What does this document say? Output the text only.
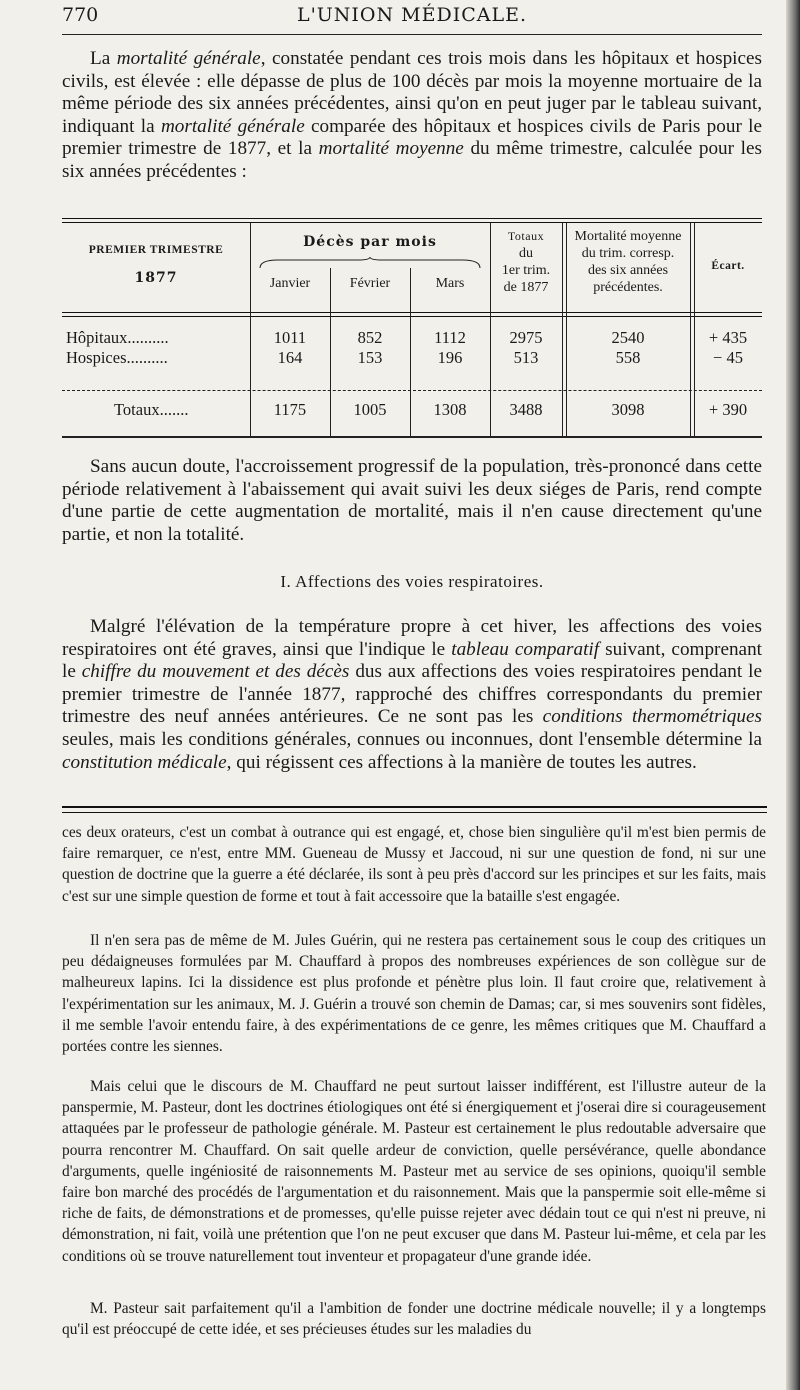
770	L'UNION MÉDICALE.

La mortalité générale, constatée pendant ces trois mois dans les hôpitaux et hospices civils, est élevée : elle dépasse de plus de 100 décès par mois la moyenne mortuaire de la même période des six années précédentes, ainsi qu'on en peut juger par le tableau suivant, indiquant la mortalité générale comparée des hôpitaux et hospices civils de Paris pour le premier trimestre de 1877, et la mortalité moyenne du même trimestre, calculée pour les six années précédentes :

PREMIER TRIMESTRE
1877
Décès par mois
Janvier	Février	Mars
Totaux
du
1er trim.
de 1877
Mortalité moyenne
du trim. corresp.
des six années
précédentes.
Écart.
Hôpitaux..........	1011	852	1112	2975	2540	+ 435
Hospices..........	164	153	196	513	558	− 45
Totaux.......	1175	1005	1308	3488	3098	+ 390

Sans aucun doute, l'accroissement progressif de la population, très-prononcé dans cette période relativement à l'abaissement qui avait suivi les deux siéges de Paris, rend compte d'une partie de cette augmentation de mortalité, mais il n'en cause directement qu'une partie, et non la totalité.

I. Affections des voies respiratoires.

Malgré l'élévation de la température propre à cet hiver, les affections des voies respiratoires ont été graves, ainsi que l'indique le tableau comparatif suivant, comprenant le chiffre du mouvement et des décès dus aux affections des voies respiratoires pendant le premier trimestre de l'année 1877, rapproché des chiffres correspondants du premier trimestre des neuf années antérieures. Ce ne sont pas les conditions thermométriques seules, mais les conditions générales, connues ou inconnues, dont l'ensemble détermine la constitution médicale, qui régissent ces affections à la manière de toutes les autres.

ces deux orateurs, c'est un combat à outrance qui est engagé, et, chose bien singulière qu'il m'est bien permis de faire remarquer, ce n'est, entre MM. Gueneau de Mussy et Jaccoud, ni sur une question de fond, ni sur une question de doctrine que la guerre a été déclarée, ils sont à peu près d'accord sur les principes et sur les faits, mais c'est sur une simple question de forme et tout à fait accessoire que la bataille s'est engagée.

Il n'en sera pas de même de M. Jules Guérin, qui ne restera pas certainement sous le coup des critiques un peu dédaigneuses formulées par M. Chauffard à propos des nombreuses expériences de son collègue sur de malheureux lapins. Ici la dissidence est plus profonde et pénètre plus loin. Il faut croire que, relativement à l'expérimentation sur les animaux, M. J. Guérin a trouvé son chemin de Damas; car, si mes souvenirs sont fidèles, il me semble l'avoir entendu faire, à des expérimentations de ce genre, les mêmes critiques que M. Chauffard a portées contre les siennes.

Mais celui que le discours de M. Chauffard ne peut surtout laisser indifférent, est l'illustre auteur de la panspermie, M. Pasteur, dont les doctrines étiologiques ont été si énergiquement et j'oserai dire si courageusement attaquées par le professeur de pathologie générale. M. Pasteur est certainement le plus redoutable adversaire que pourra rencontrer M. Chauffard. On sait quelle ardeur de conviction, quelle persévérance, quelle abondance d'arguments, quelle ingéniosité de raisonnements M. Pasteur met au service de ses opinions, quoiqu'il semble faire bon marché des procédés de l'argumentation et du raisonnement. Mais que la panspermie soit elle-même si riche de faits, de démonstrations et de promesses, qu'elle puisse rejeter avec dédain tout ce qui n'est ni preuve, ni démonstration, ni fait, voilà une prétention que l'on ne peut excuser que dans M. Pasteur lui-même, et cela par les conditions où se trouve naturellement tout inventeur et propagateur d'une grande idée.

M. Pasteur sait parfaitement qu'il a l'ambition de fonder une doctrine médicale nouvelle; il y a longtemps qu'il est préoccupé de cette idée, et ses précieuses études sur les maladies du
